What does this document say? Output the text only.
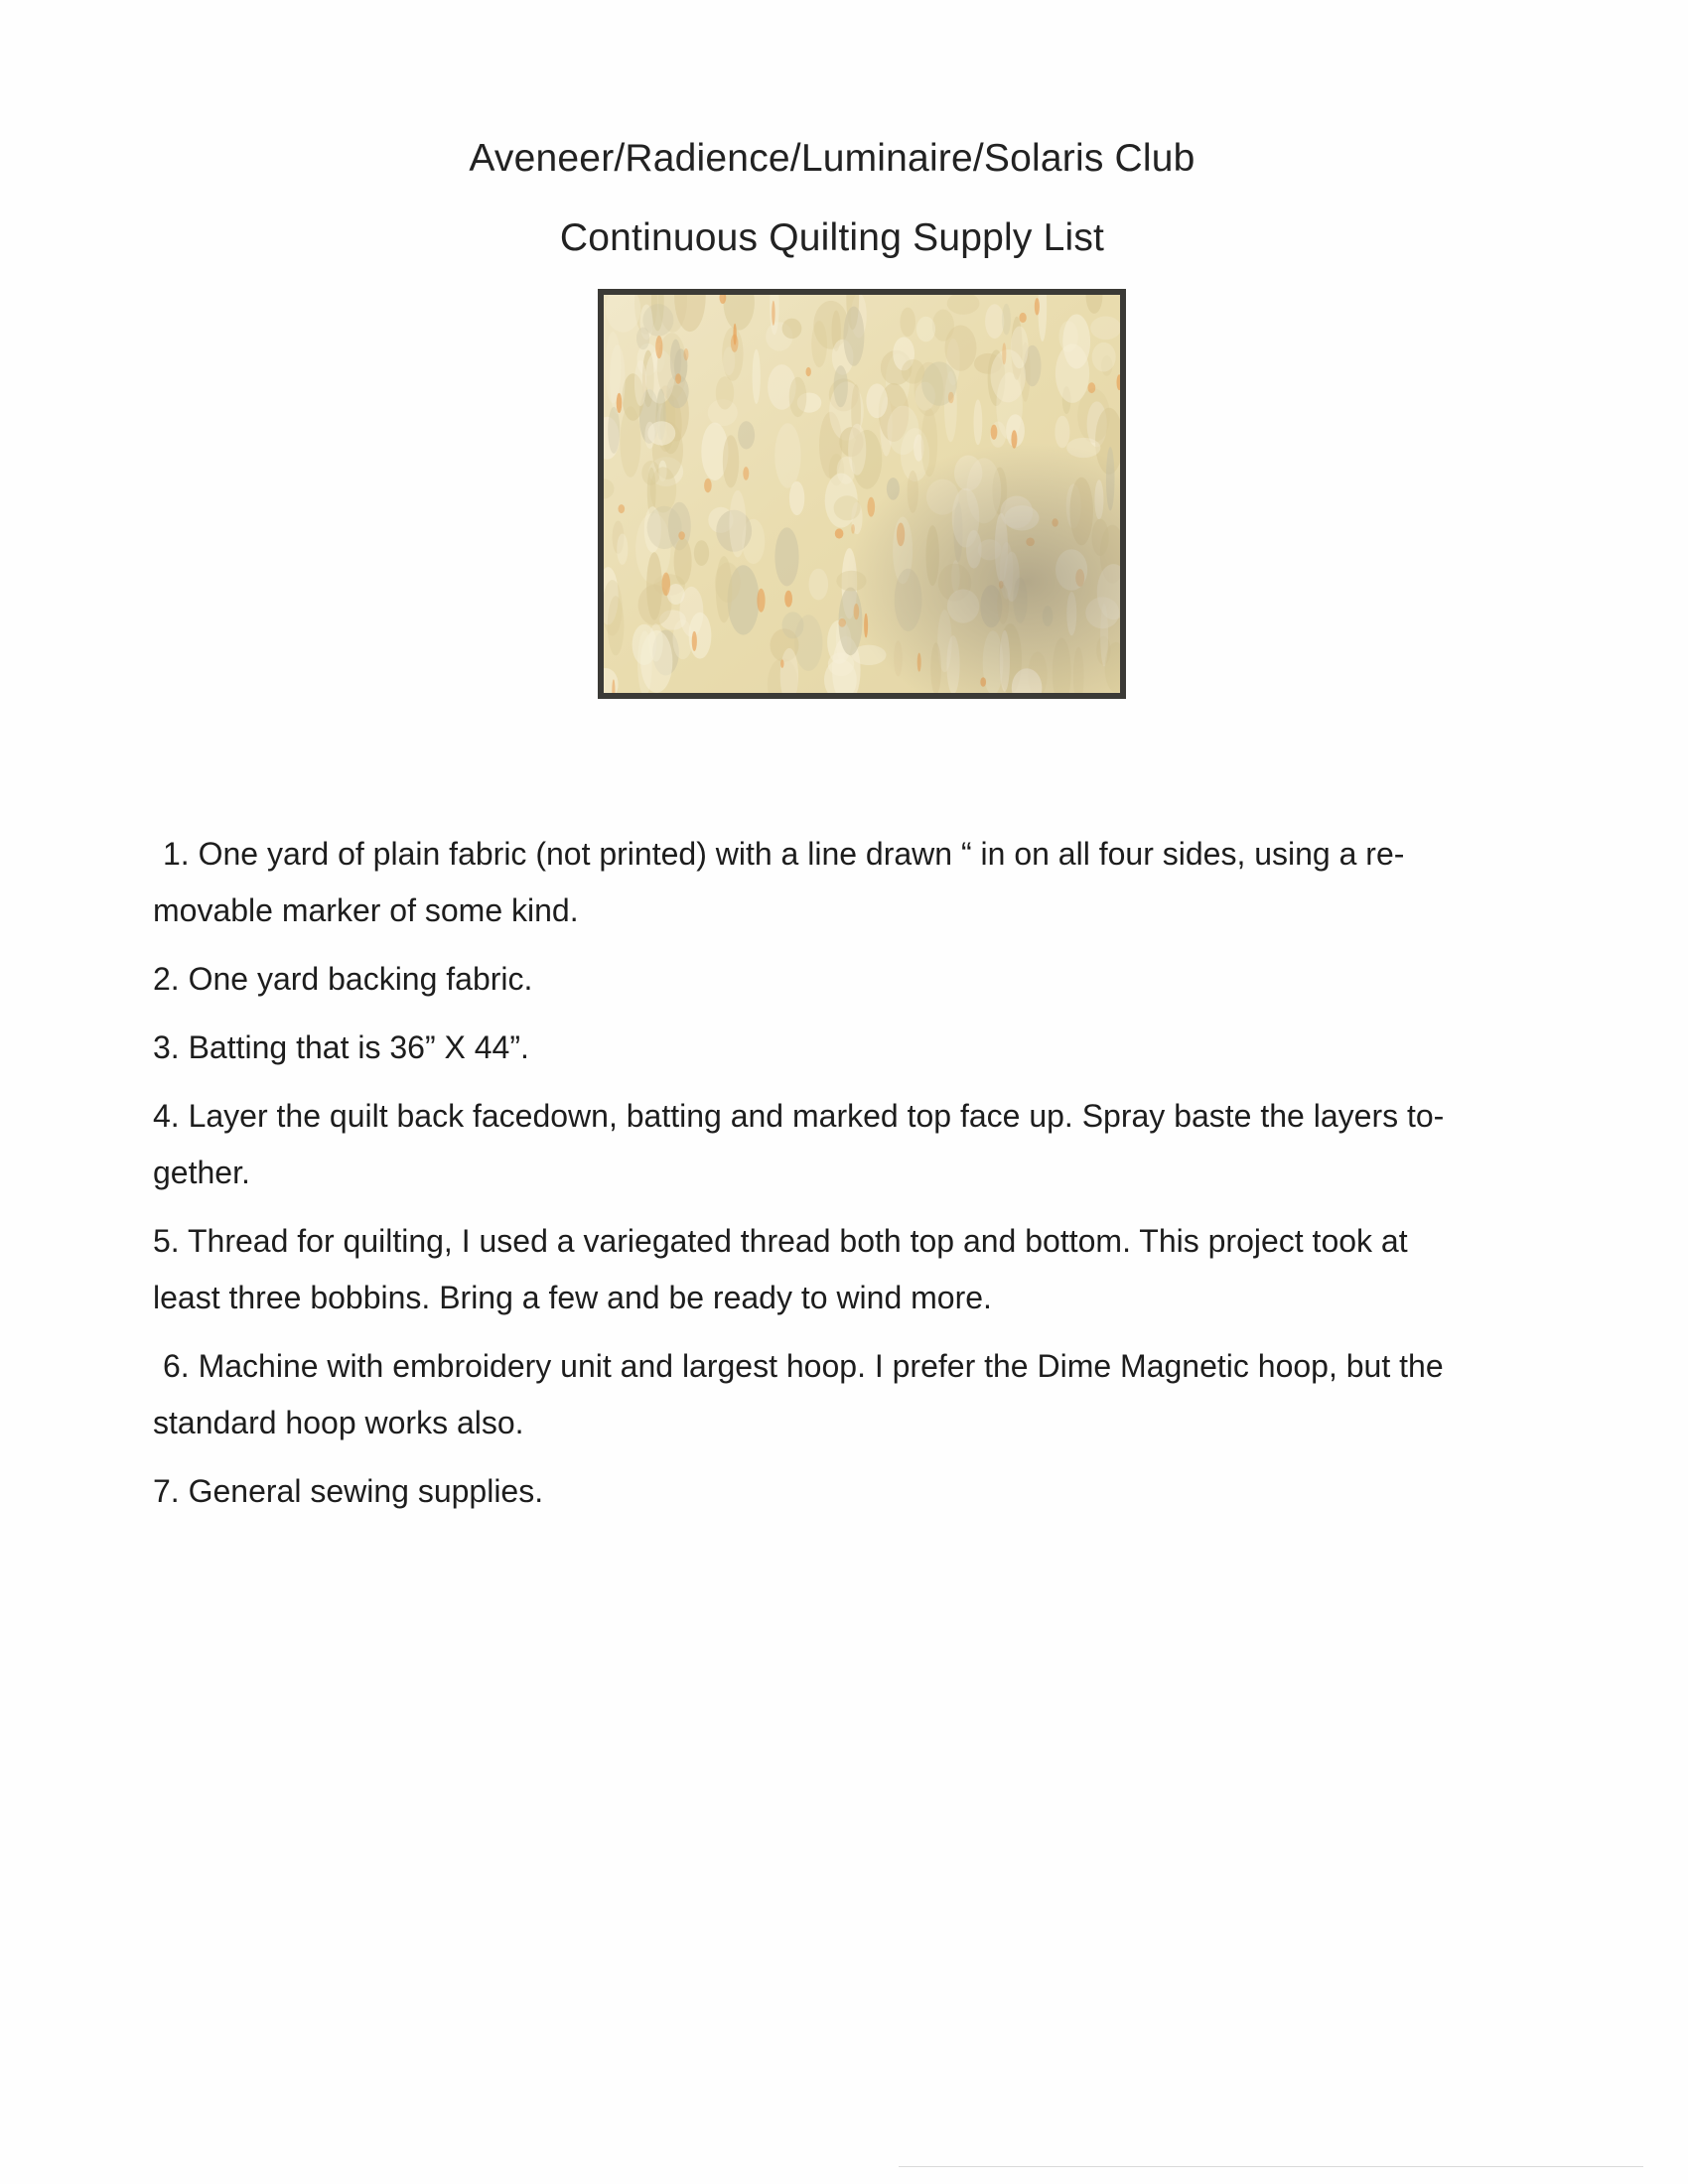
Aveneer/Radience/Luminaire/Solaris Club
Continuous Quilting Supply List
1. One yard of plain fabric (not printed) with a line drawn “ in on all four sides, using a re-
movable marker of some kind.
2. One yard backing fabric.
3. Batting that is 36” X 44”.
4. Layer the quilt back facedown, batting and marked top face up. Spray baste the layers to-
gether.
5. Thread for quilting, I used a variegated thread both top and bottom. This project took at
least three bobbins. Bring a few and be ready to wind more.
6. Machine with embroidery unit and largest hoop. I prefer the Dime Magnetic hoop, but the
standard hoop works also.
7. General sewing supplies.
